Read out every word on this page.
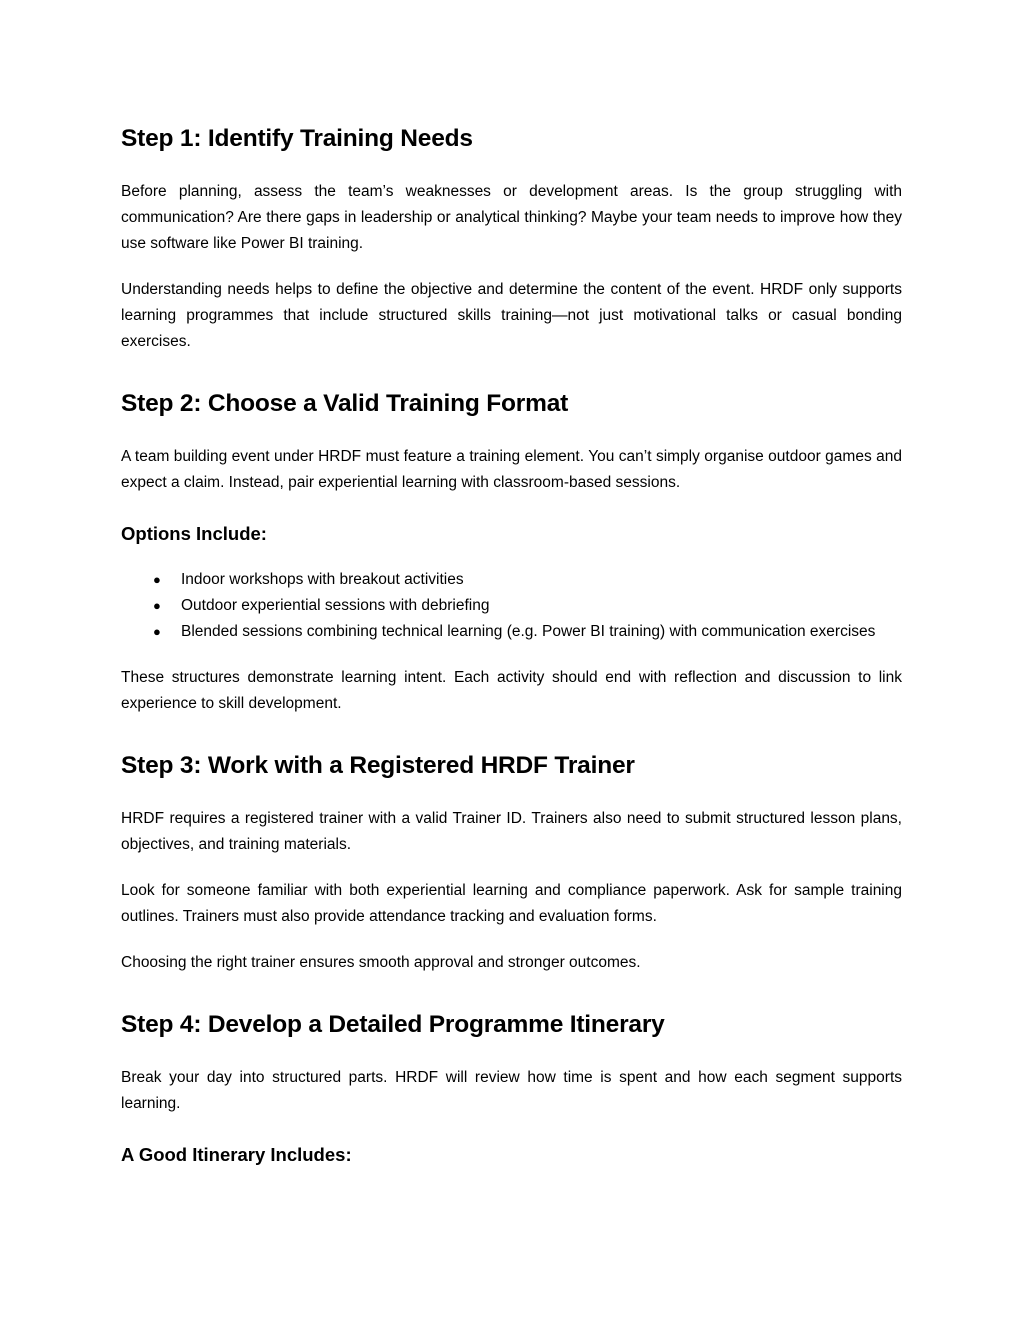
Step 1: Identify Training Needs

Before planning, assess the team’s weaknesses or development areas. Is the group struggling with communication? Are there gaps in leadership or analytical thinking? Maybe your team needs to improve how they use software like Power BI training.

Understanding needs helps to define the objective and determine the content of the event. HRDF only supports learning programmes that include structured skills training—not just motivational talks or casual bonding exercises.

Step 2: Choose a Valid Training Format

A team building event under HRDF must feature a training element. You can’t simply organise outdoor games and expect a claim. Instead, pair experiential learning with classroom-based sessions.

Options Include:
● Indoor workshops with breakout activities
● Outdoor experiential sessions with debriefing
● Blended sessions combining technical learning (e.g. Power BI training) with communication exercises

These structures demonstrate learning intent. Each activity should end with reflection and discussion to link experience to skill development.

Step 3: Work with a Registered HRDF Trainer

HRDF requires a registered trainer with a valid Trainer ID. Trainers also need to submit structured lesson plans, objectives, and training materials.

Look for someone familiar with both experiential learning and compliance paperwork. Ask for sample training outlines. Trainers must also provide attendance tracking and evaluation forms.

Choosing the right trainer ensures smooth approval and stronger outcomes.

Step 4: Develop a Detailed Programme Itinerary

Break your day into structured parts. HRDF will review how time is spent and how each segment supports learning.

A Good Itinerary Includes:
